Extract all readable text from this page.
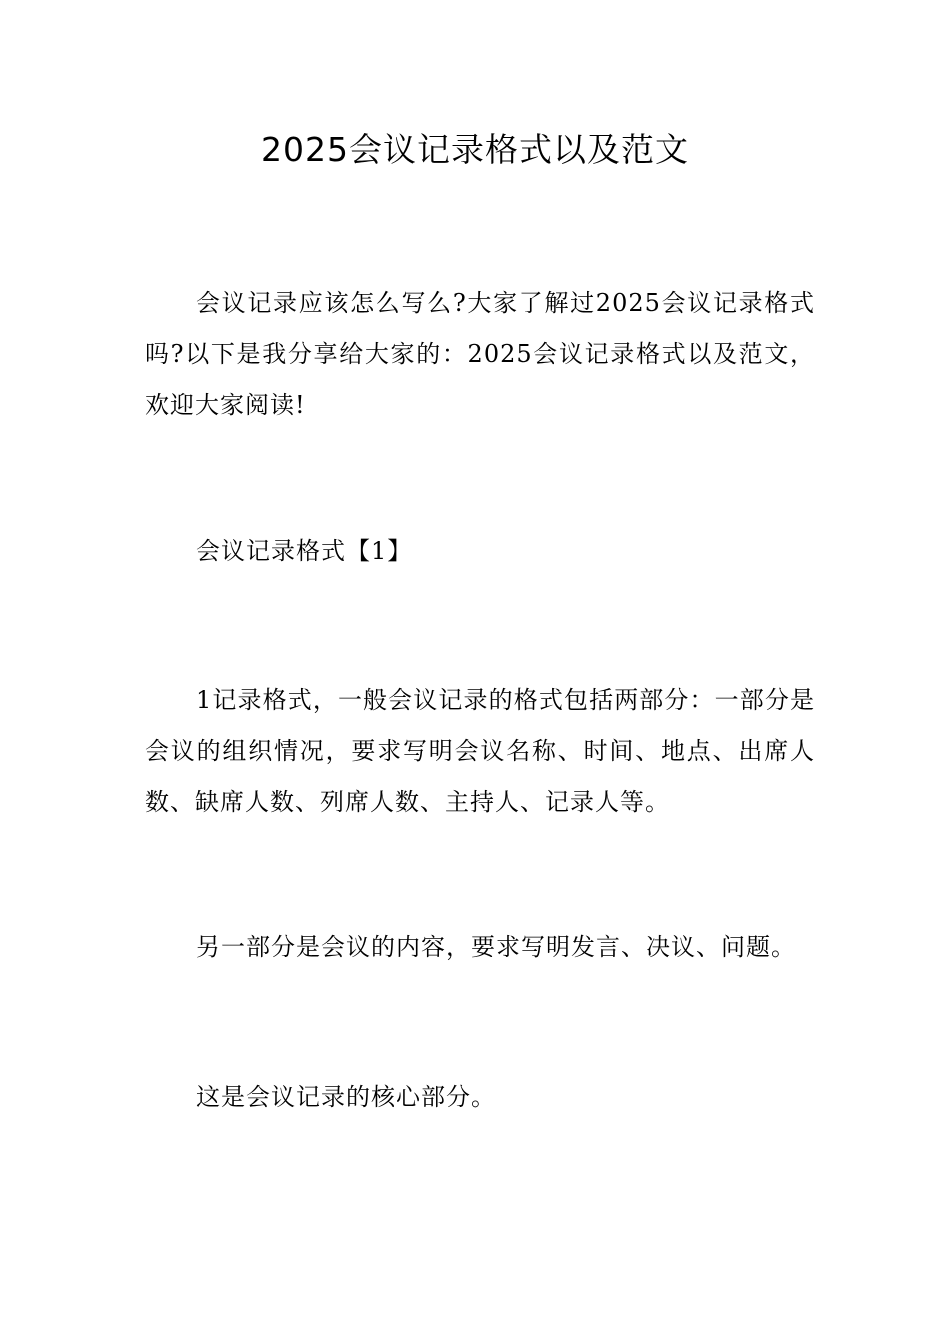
2025会议记录格式以及范文

会议记录应该怎么写么?大家了解过2025会议记录格式吗?以下是我分享给大家的：2025会议记录格式以及范文，欢迎大家阅读!

会议记录格式【1】

1记录格式，一般会议记录的格式包括两部分：一部分是会议的组织情况，要求写明会议名称、时间、地点、出席人数、缺席人数、列席人数、主持人、记录人等。

另一部分是会议的内容，要求写明发言、决议、问题。

这是会议记录的核心部分。
